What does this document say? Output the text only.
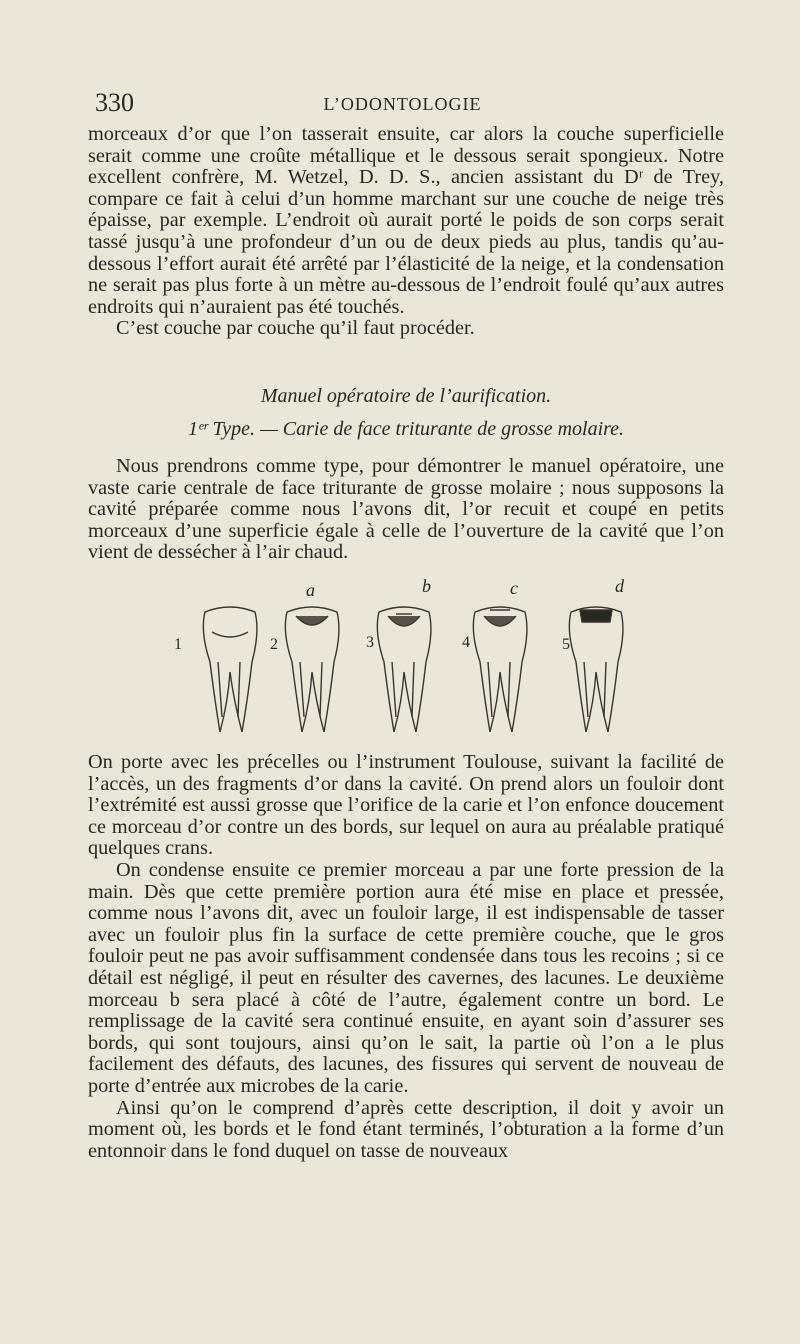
330	L’ODONTOLOGIE

morceaux d’or que l’on tasserait ensuite, car alors la couche superficielle serait comme une croûte métallique et le dessous serait spongieux. Notre excellent confrère, M. Wetzel, D. D. S., ancien assistant du Dʳ de Trey, compare ce fait à celui d’un homme marchant sur une couche de neige très épaisse, par exemple. L’endroit où aurait porté le poids de son corps serait tassé jusqu’à une profondeur d’un ou de deux pieds au plus, tandis qu’au-dessous l’effort aurait été arrêté par l’élasticité de la neige, et la condensation ne serait pas plus forte à un mètre au-dessous de l’endroit foulé qu’aux autres endroits qui n’auraient pas été touchés.

C’est couche par couche qu’il faut procéder.

Manuel opératoire de l’aurification.
1ᵉʳ Type. — Carie de face triturante de grosse molaire.

Nous prendrons comme type, pour démontrer le manuel opératoire, une vaste carie centrale de face triturante de grosse molaire ; nous supposons la cavité préparée comme nous l’avons dit, l’or recuit et coupé en petits morceaux d’une superficie égale à celle de l’ouverture de la cavité que l’on vient de dessécher à l’air chaud.

a	b	c	d
1	2	3	4	5

On porte avec les précelles ou l’instrument Toulouse, suivant la facilité de l’accès, un des fragments d’or dans la cavité. On prend alors un fouloir dont l’extrémité est aussi grosse que l’orifice de la carie et l’on enfonce doucement ce morceau d’or contre un des bords, sur lequel on aura au préalable pratiqué quelques crans.

On condense ensuite ce premier morceau a par une forte pression de la main. Dès que cette première portion aura été mise en place et pressée, comme nous l’avons dit, avec un fouloir large, il est indispensable de tasser avec un fouloir plus fin la surface de cette première couche, que le gros fouloir peut ne pas avoir suffisamment condensée dans tous les recoins ; si ce détail est négligé, il peut en résulter des cavernes, des lacunes. Le deuxième morceau b sera placé à côté de l’autre, également contre un bord. Le remplissage de la cavité sera continué ensuite, en ayant soin d’assurer ses bords, qui sont toujours, ainsi qu’on le sait, la partie où l’on a le plus facilement des défauts, des lacunes, des fissures qui servent de nouveau de porte d’entrée aux microbes de la carie.

Ainsi qu’on le comprend d’après cette description, il doit y avoir un moment où, les bords et le fond étant terminés, l’obturation a la forme d’un entonnoir dans le fond duquel on tasse de nouveaux
